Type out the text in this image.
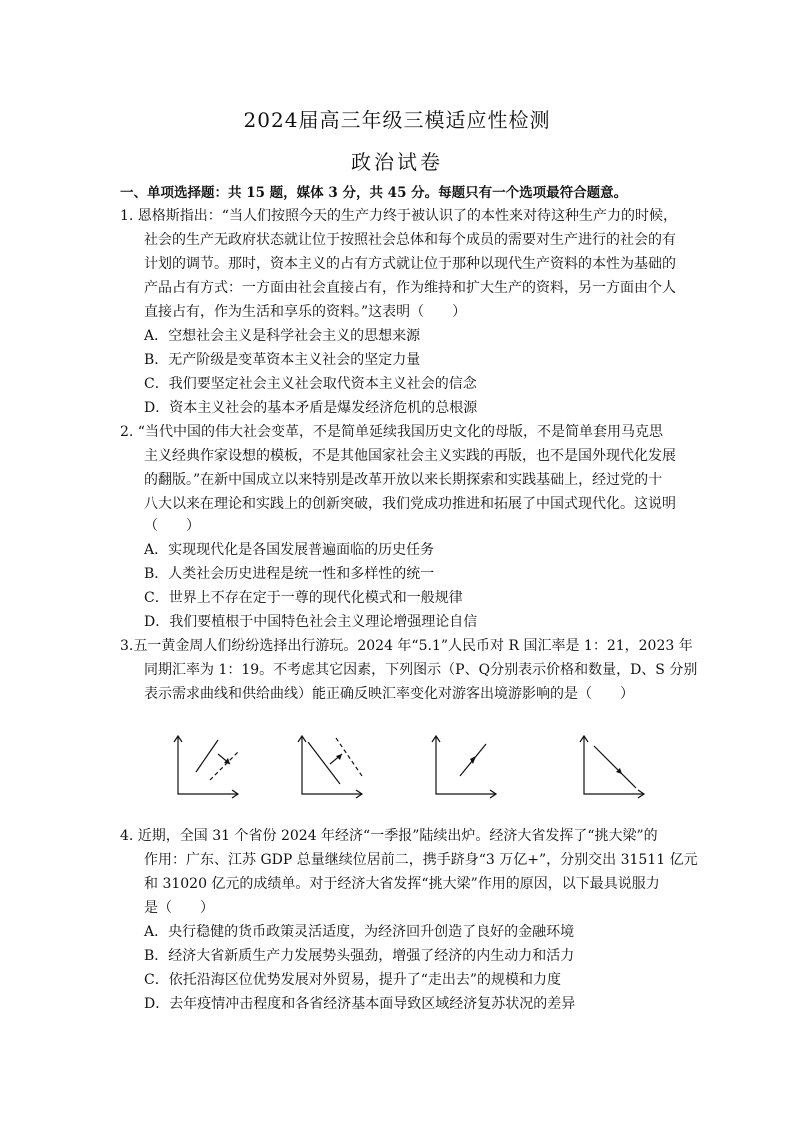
2024届高三年级三模适应性检测
政治试卷
一、单项选择题：共 15 题，媒体 3 分，共 45 分。每题只有一个选项最符合题意。
1. 恩格斯指出：“当人们按照今天的生产力终于被认识了的本性来对待这种生产力的时候，
社会的生产无政府状态就让位于按照社会总体和每个成员的需要对生产进行的社会的有
计划的调节。那时，资本主义的占有方式就让位于那种以现代生产资料的本性为基础的
产品占有方式：一方面由社会直接占有，作为维持和扩大生产的资料，另一方面由个人
直接占有，作为生活和享乐的资料。”这表明（　　）
A．空想社会主义是科学社会主义的思想来源
B．无产阶级是变革资本主义社会的坚定力量
C．我们要坚定社会主义社会取代资本主义社会的信念
D．资本主义社会的基本矛盾是爆发经济危机的总根源
2. “当代中国的伟大社会变革，不是简单延续我国历史文化的母版，不是简单套用马克思
主义经典作家设想的模板，不是其他国家社会主义实践的再版，也不是国外现代化发展
的翻版。”在新中国成立以来特别是改革开放以来长期探索和实践基础上，经过党的十
八大以来在理论和实践上的创新突破，我们党成功推进和拓展了中国式现代化。这说明
（　　）
A．实现现代化是各国发展普遍面临的历史任务
B．人类社会历史进程是统一性和多样性的统一
C．世界上不存在定于一尊的现代化模式和一般规律
D．我们要植根于中国特色社会主义理论增强理论自信
3.五一黄金周人们纷纷选择出行游玩。2024 年“5.1”人民币对 R 国汇率是 1：21，2023 年
同期汇率为 1：19。不考虑其它因素，下列图示（P、Q分别表示价格和数量，D、S 分别
表示需求曲线和供给曲线）能正确反映汇率变化对游客出境游影响的是（　　）
4. 近期，全国 31 个省份 2024 年经济“一季报”陆续出炉。经济大省发挥了“挑大梁”的
作用：广东、江苏 GDP 总量继续位居前二，携手跻身“3 万亿+”，分别交出 31511 亿元
和 31020 亿元的成绩单。对于经济大省发挥“挑大梁”作用的原因，以下最具说服力
是（　　）
A．央行稳健的货币政策灵活适度，为经济回升创造了良好的金融环境
B．经济大省新质生产力发展势头强劲，增强了经济的内生动力和活力
C．依托沿海区位优势发展对外贸易，提升了“走出去”的规模和力度
D．去年疫情冲击程度和各省经济基本面导致区域经济复苏状况的差异
